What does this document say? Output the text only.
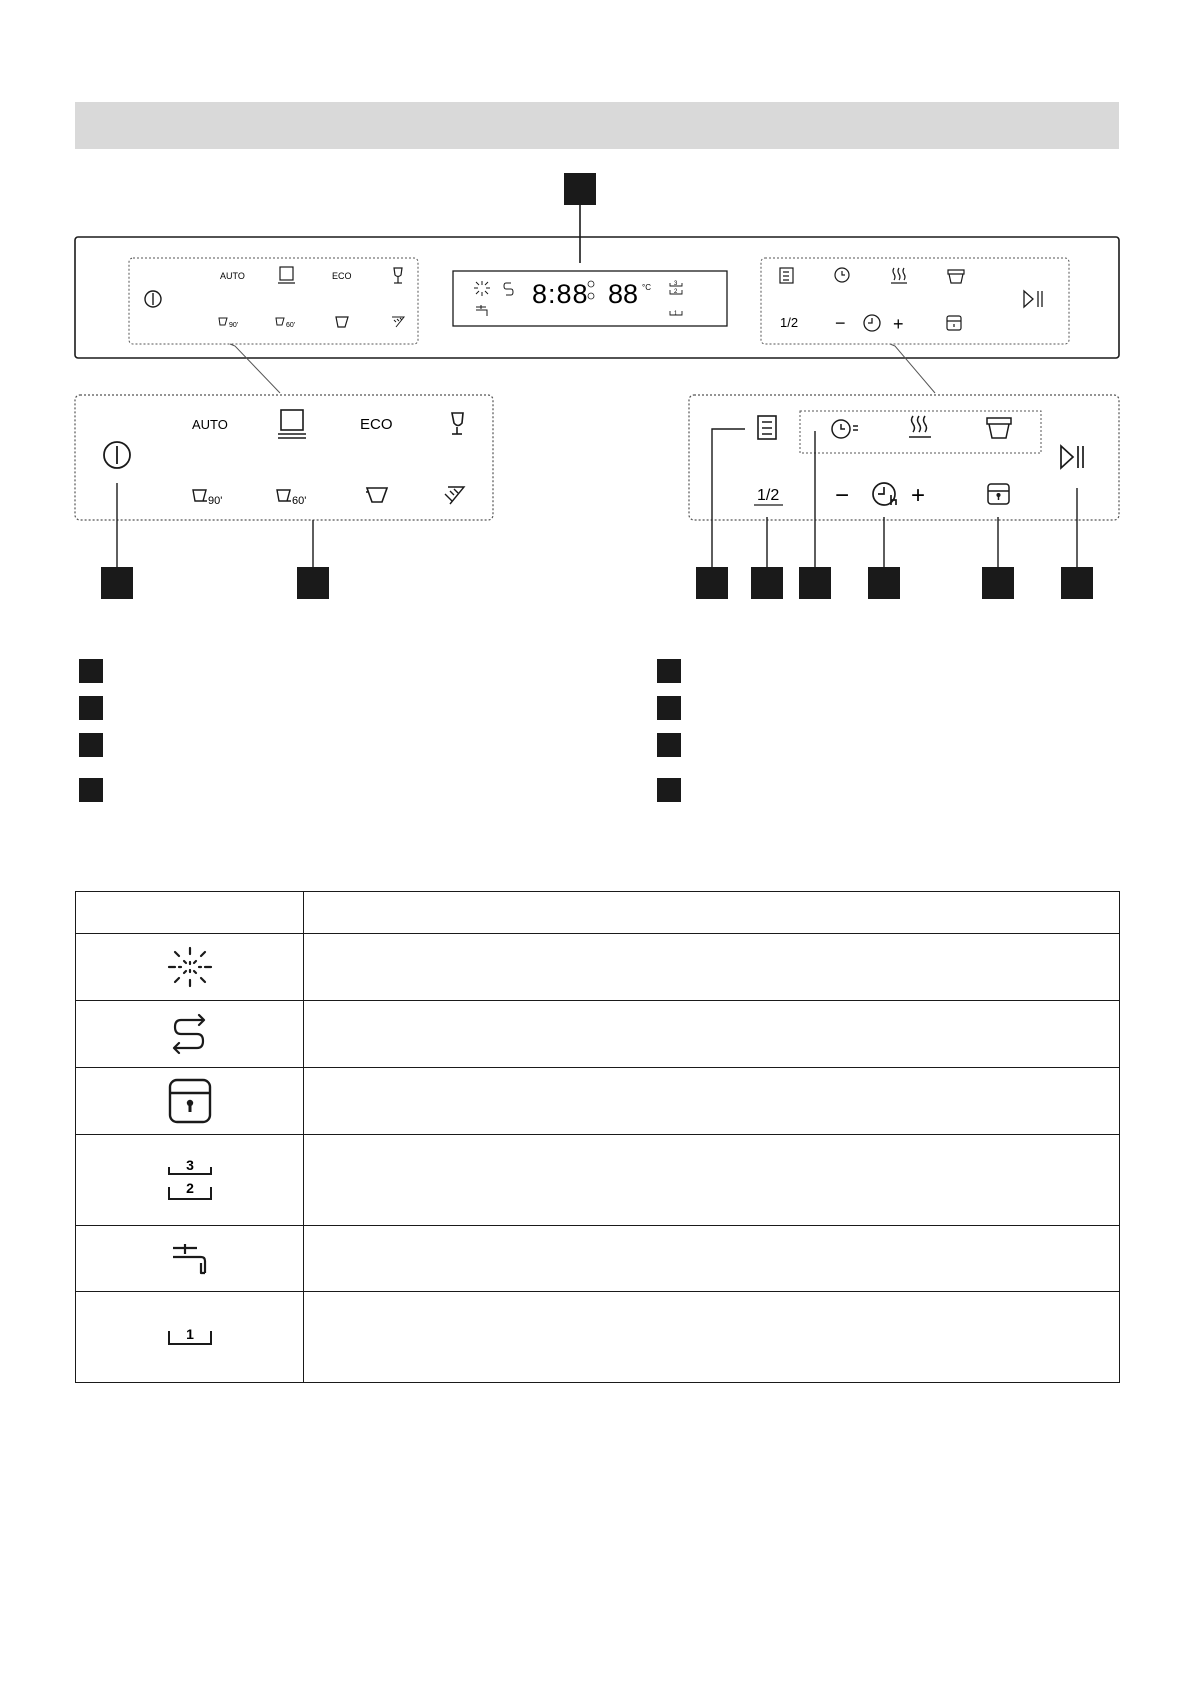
AUTO	ECO
90'	60'
8:88 88 °C	3
2
1
1/2 −	+
AUTO	ECO
90'	60'	1/2 −	+

3
2	

1	
